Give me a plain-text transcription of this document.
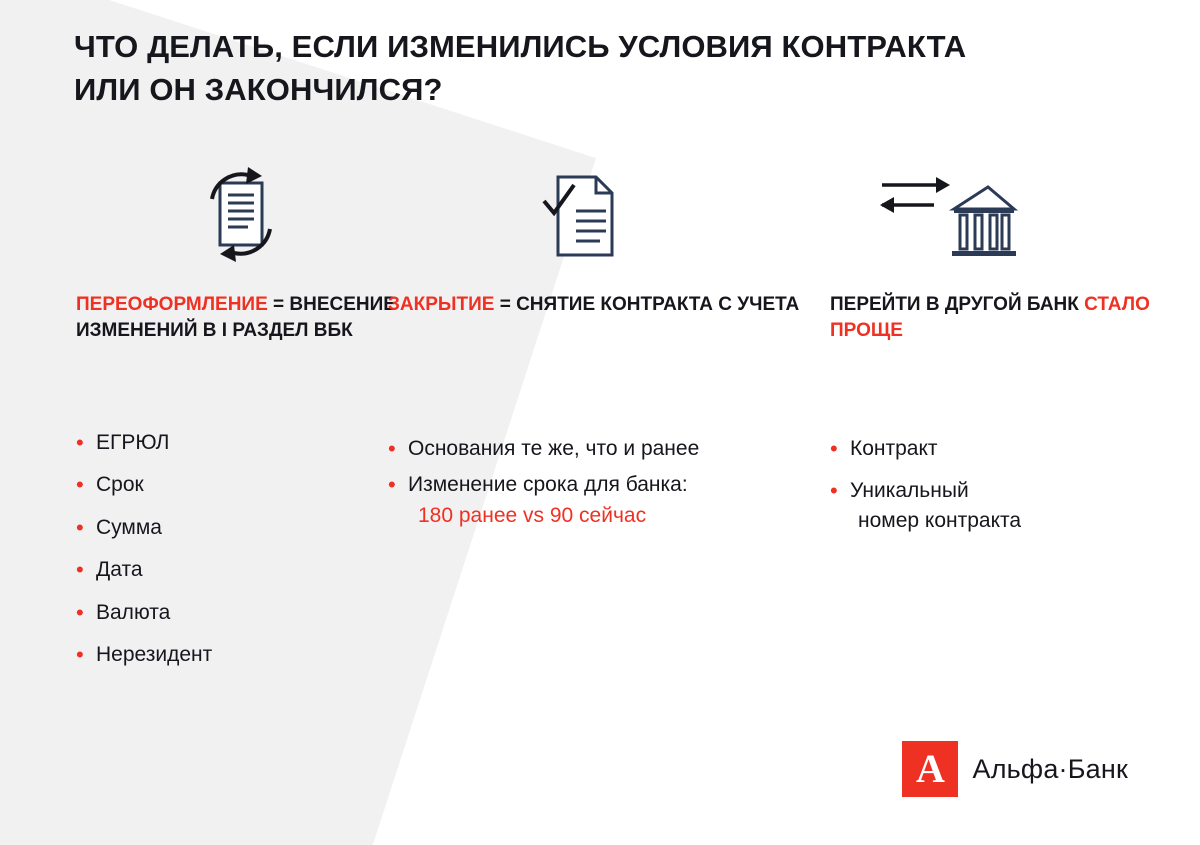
ЧТО ДЕЛАТЬ, ЕСЛИ ИЗМЕНИЛИСЬ УСЛОВИЯ КОНТРАКТА ИЛИ ОН ЗАКОНЧИЛСЯ?
ПЕРЕОФОРМЛЕНИЕ = ВНЕСЕНИЕ ИЗМЕНЕНИЙ В I РАЗДЕЛ ВБК
• ЕГРЮЛ
• Срок
• Сумма
• Дата
• Валюта
• Нерезидент
ЗАКРЫТИЕ = СНЯТИЕ КОНТРАКТА С УЧЕТА
• Основания те же, что и ранее
• Изменение срока для банка:
180 ранее vs 90 сейчас
ПЕРЕЙТИ В ДРУГОЙ БАНК СТАЛО ПРОЩЕ
• Контракт
• Уникальный
номер контракта
A	Альфа·Банк
